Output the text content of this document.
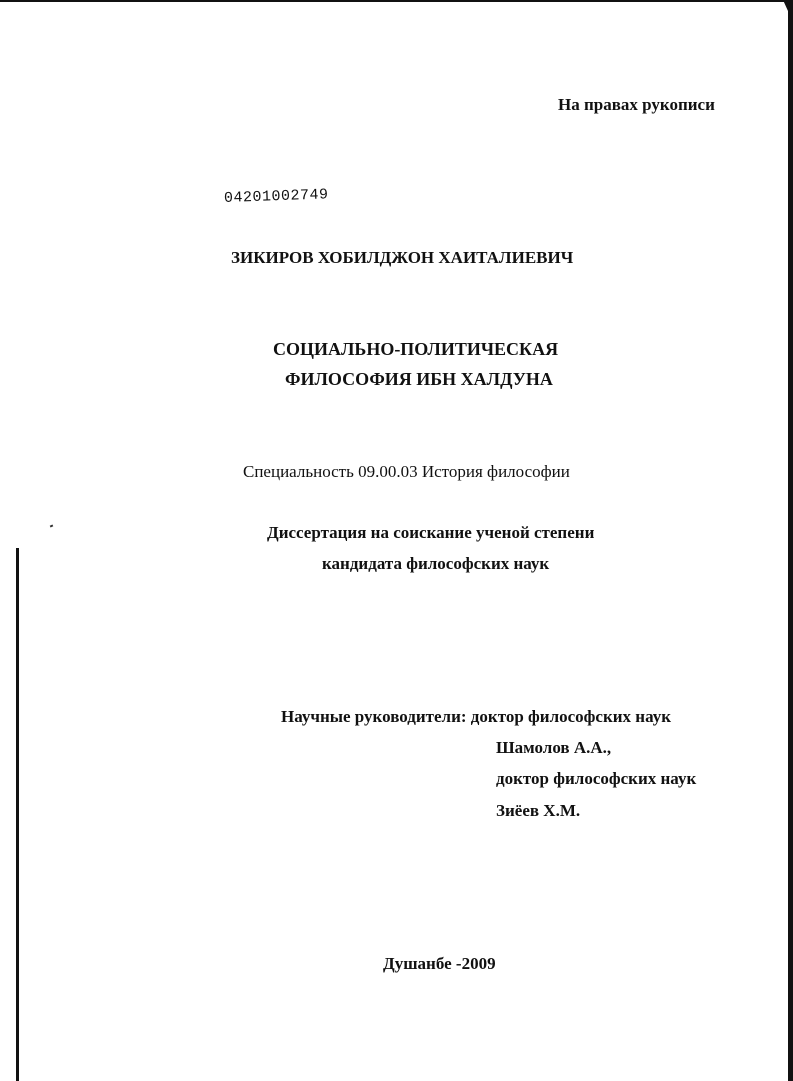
На правах рукописи
04201002749
ЗИКИРОВ ХОБИЛДЖОН ХАИТАЛИЕВИЧ
СОЦИАЛЬНО-ПОЛИТИЧЕСКАЯ
ФИЛОСОФИЯ ИБН ХАЛДУНА
Специальность 09.00.03 История философии
Диссертация на соискание ученой степени
кандидата философских наук
Научные руководители: доктор философских наук
Шамолов А.А.,
доктор философских наук
Зиёев Х.М.
Душанбе -2009
